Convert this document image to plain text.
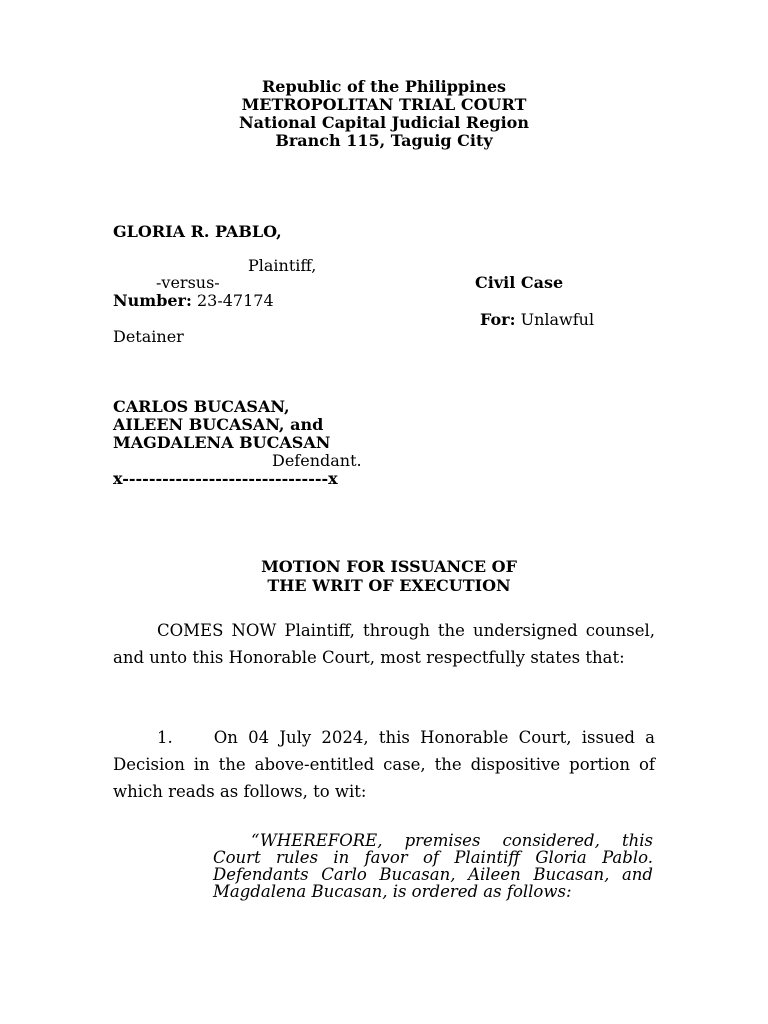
Republic of the Philippines
METROPOLITAN TRIAL COURT
National Capital Judicial Region
Branch 115, Taguig City
GLORIA R. PABLO,
Plaintiff,
-versus-	Civil Case
Number: 23-47174
For: Unlawful
Detainer
CARLOS BUCASAN,
AILEEN BUCASAN, and
MAGDALENA BUCASAN
Defendant.
x-------------------------------x
MOTION FOR ISSUANCE OF
THE WRIT OF EXECUTION
COMES NOW Plaintiff, through the undersigned counsel, and unto this Honorable Court, most respectfully states that:
1. On 04 July 2024, this Honorable Court, issued a Decision in the above-entitled case, the dispositive portion of which reads as follows, to wit:
“WHEREFORE, premises considered, this Court rules in favor of Plaintiff Gloria Pablo. Defendants Carlo Bucasan, Aileen Bucasan, and Magdalena Bucasan, is ordered as follows:
